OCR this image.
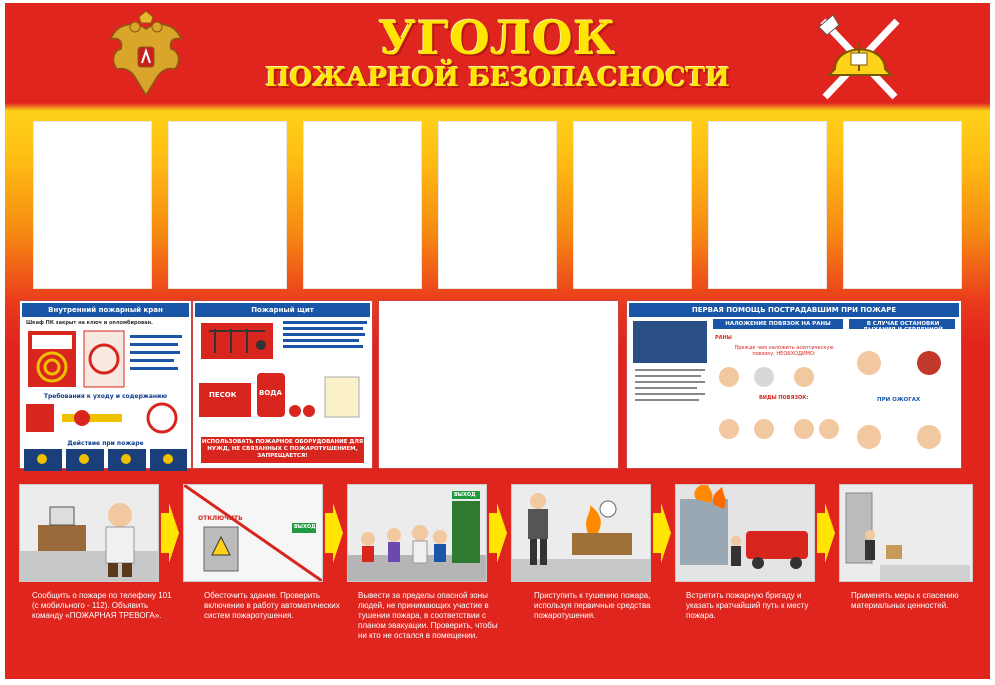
УГОЛОК
ПОЖАРНОЙ БЕЗОПАСНОСТИ
Внутренний пожарный кран
Шкаф ПК закрыт на ключ и опломбирован.
Требования к уходу и содержанию
Действие при пожаре
Пожарный щит
ПЕСОК	ВОДА
ИСПОЛЬЗОВАТЬ ПОЖАРНОЕ ОБОРУДОВАНИЕ ДЛЯ НУЖД, НЕ СВЯЗАННЫХ С ПОЖАРОТУШЕНИЕМ, ЗАПРЕЩАЕТСЯ!
ПЕРВАЯ ПОМОЩЬ ПОСТРАДАВШИМ ПРИ ПОЖАРЕ
НАЛОЖЕНИЕ ПОВЯЗОК НА РАНЫ
РАНЫ
Прежде чем наложить асептическую повязку, НЕОБХОДИМО:
ВИДЫ ПОВЯЗОК:
В СЛУЧАЕ ОСТАНОВКИ ДЫХАНИЯ И СЕРДЕЧНОЙ ДЕЯТЕЛЬНОСТИ
ПРИ ОЖОГАХ
ОТКЛЮЧИТЬ
ВЫХОД
ВЫХОД
Сообщить о пожаре по телефону 101 (с мобильного - 112). Объявить команду «ПОЖАРНАЯ ТРЕВОГА».
Обесточить здание. Проверить включение в работу автоматических систем пожаротушения.
Вывести за пределы опасной зоны людей, не принимающих участие в тушении пожара, в соответствии с планом эвакуации. Проверить, чтобы ни кто не остался в помещении.
Приступить к тушению пожара, используя первичные средства пожаротушения.
Встретить пожарную бригаду и указать кратчайший путь к месту пожара.
Применять меры к спасению материальных ценностей.
